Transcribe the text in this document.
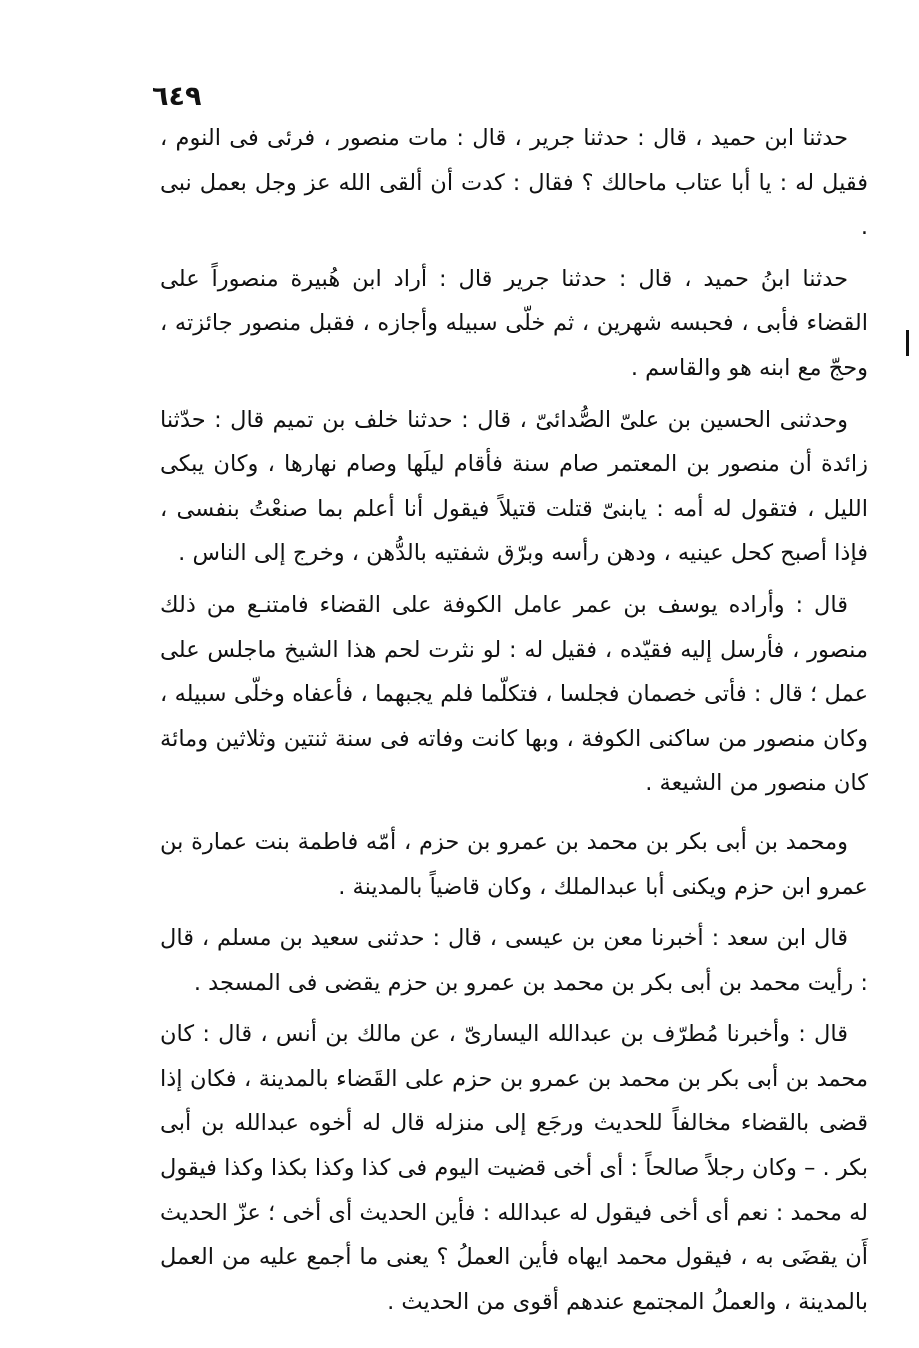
٦٤٩

حدثنا ابن حميد ، قال : حدثنا جرير ، قال : مات منصور ، فرئى فى النوم ، فقيل له : يا أبا عتاب ماحالك ؟ فقال : كدت أن ألقى الله عز وجل بعمل نبى .

حدثنا ابنُ حميد ، قال : حدثنا جرير قال : أراد ابن هُبيرة منصوراً على القضاء فأبى ، فحبسه شهرين ، ثم خلّى سبيله وأجازه ، فقبل منصور جائزته ، وحجّ مع ابنه هو والقاسم .

وحدثنى الحسين بن علىّ الصُّدائىّ ، قال : حدثنا خلف بن تميم قال : حدّثنا زائدة أن منصور بن المعتمر صام سنة فأقام ليلَها وصام نهارها ، وكان يبكى الليل ، فتقول له أمه : يابنىّ قتلت قتيلاً فيقول أنا أعلم بما صنعْتُ بنفسى ، فإذا أصبح كحل عينيه ، ودهن رأسه وبرّق شفتيه بالدُّهن ، وخرج إلى الناس .

قال : وأراده يوسف بن عمر عامل الكوفة على القضاء فامتنـع من ذلك منصور ، فأرسل إليه فقيّده ، فقيل له : لو نثرت لحم هذا الشيخ ماجلس على عمل ؛ قال : فأتى خصمان فجلسا ، فتكلّما فلم يجبهما ، فأعفاه وخلّى سبيله ، وكان منصور من ساكنى الكوفة ، وبها كانت وفاته فى سنة ثنتين وثلاثين ومائة كان منصور من الشيعة .

ومحمد بن أبى بكر بن محمد بن عمرو بن حزم ، أمّه فاطمة بنت عمارة بن عمرو ابن حزم ويكنى أبا عبدالملك ، وكان قاضياً بالمدينة .

قال ابن سعد : أخبرنا معن بن عيسى ، قال : حدثنى سعيد بن مسلم ، قال : رأيت محمد بن أبى بكر بن محمد بن عمرو بن حزم يقضى فى المسجد .

قال : وأخبرنا مُطرّف بن عبدالله اليسارىّ ، عن مالك بن أنس ، قال : كان محمد بن أبى بكر بن محمد بن عمرو بن حزم على القَضاء بالمدينة ، فكان إذا قضى بالقضاء مخالفاً للحديث ورجَع إلى منزله قال له أخوه عبدالله بن أبى بكر . – وكان رجلاً صالحاً : أى أخى قضيت اليوم فى كذا وكذا بكذا وكذا فيقول له محمد : نعم أى أخى فيقول له عبدالله : فأين الحديث أى أخى ؛ عزّ الحديث أَن يقضَى به ، فيقول محمد ايهاه فأين العملُ ؟ يعنى ما أجمع عليه من العمل بالمدينة ، والعملُ المجتمع عندهم أقوى من الحديث .
